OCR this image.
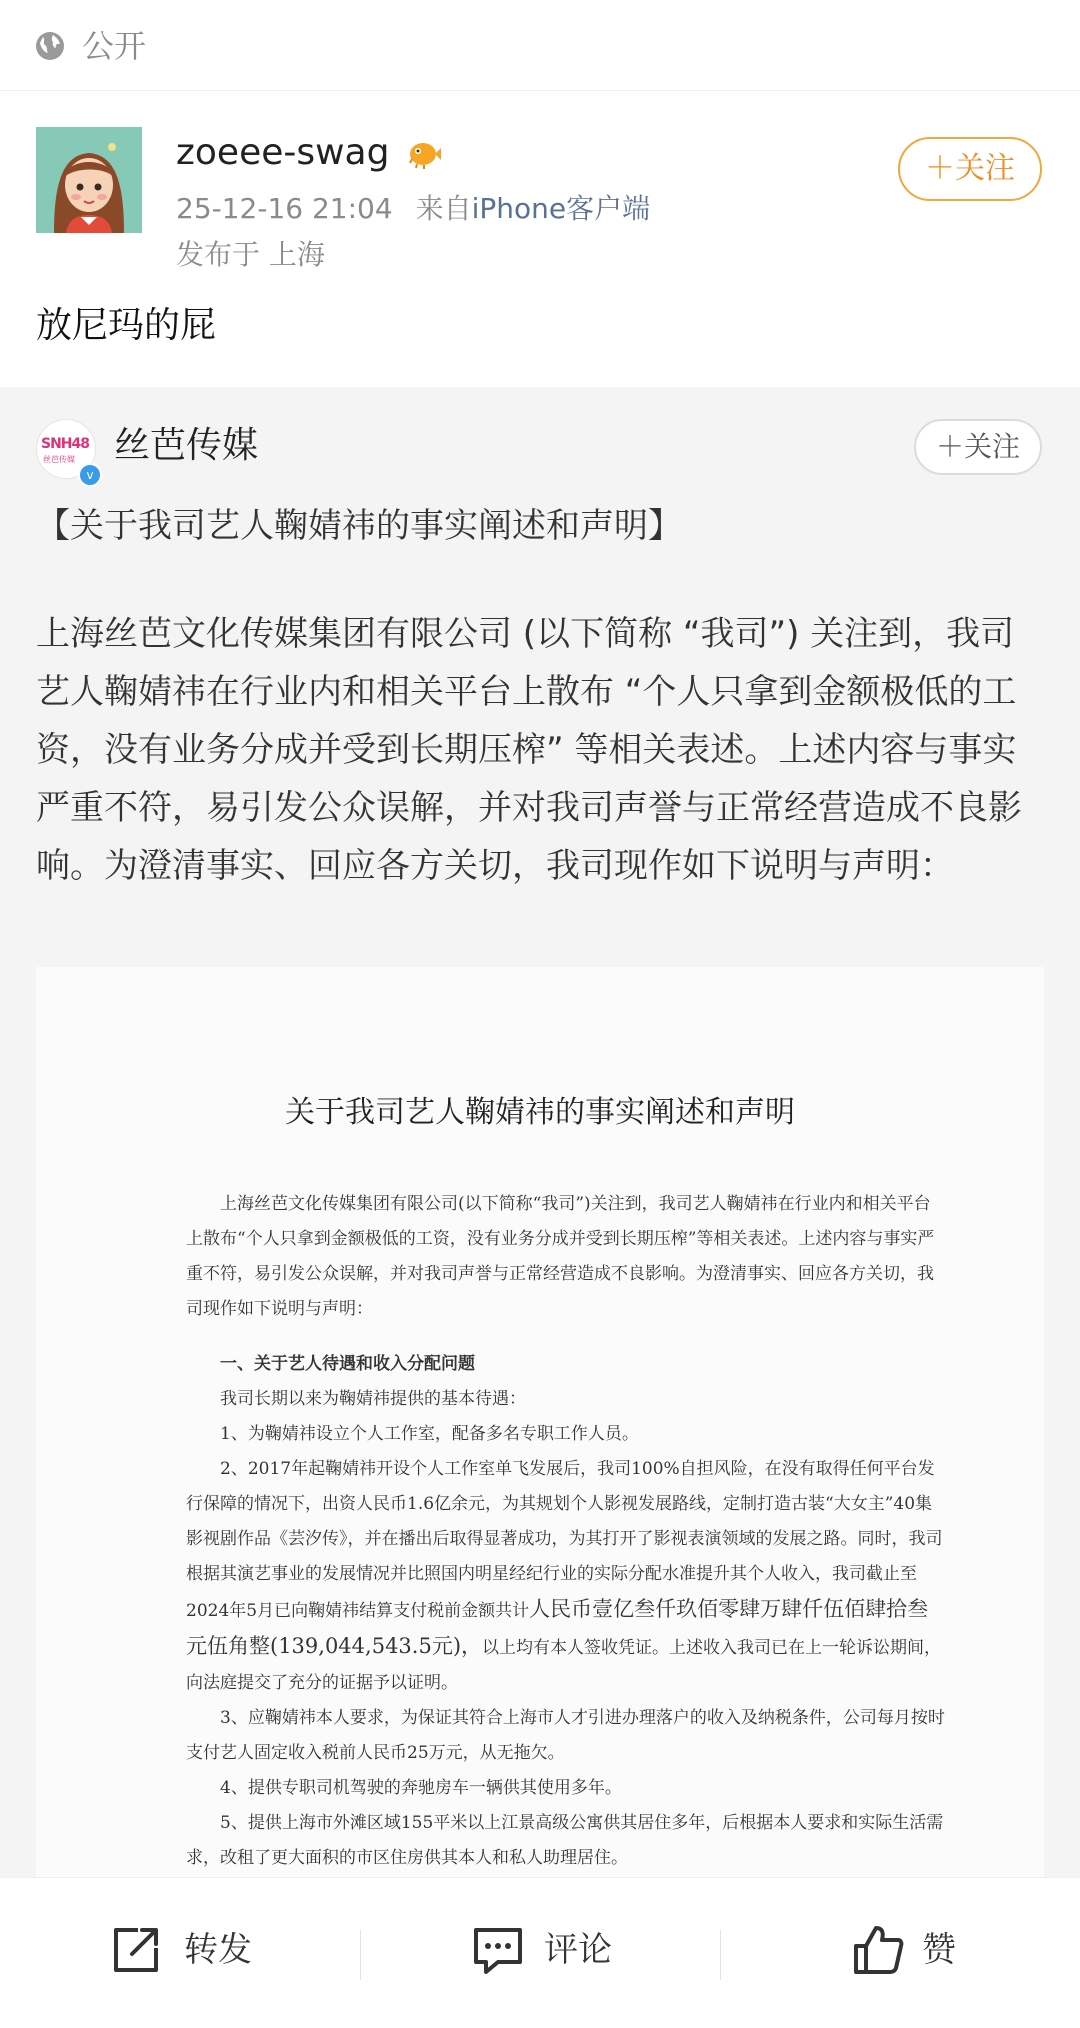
公开
zoeee-swag
25-12-16 21:04 来自iPhone客户端
发布于 上海
＋关注
放尼玛的屁
SNH48
丝芭传媒
v
丝芭传媒	＋关注
【关于我司艺人鞠婧祎的事实阐述和声明】
上海丝芭文化传媒集团有限公司 (以下简称 “我司”) 关注到，我司艺人鞠婧祎在行业内和相关平台上散布 “个人只拿到金额极低的工资，没有业务分成并受到长期压榨” 等相关表述。上述内容与事实严重不符，易引发公众误解，并对我司声誉与正常经营造成不良影响。为澄清事实、回应各方关切，我司现作如下说明与声明：
关于我司艺人鞠婧祎的事实阐述和声明

上海丝芭文化传媒集团有限公司(以下简称“我司”)关注到，我司艺人鞠婧祎在行业内和相关平台上散布“个人只拿到金额极低的工资，没有业务分成并受到长期压榨”等相关表述。上述内容与事实严重不符，易引发公众误解，并对我司声誉与正常经营造成不良影响。为澄清事实、回应各方关切，我司现作如下说明与声明：

一、关于艺人待遇和收入分配问题

我司长期以来为鞠婧祎提供的基本待遇：

1、为鞠婧祎设立个人工作室，配备多名专职工作人员。

2、2017年起鞠婧祎开设个人工作室单飞发展后，我司100%自担风险，在没有取得任何平台发行保障的情况下，出资人民币1.6亿余元，为其规划个人影视发展路线，定制打造古装“大女主”40集影视剧作品《芸汐传》，并在播出后取得显著成功，为其打开了影视表演领域的发展之路。同时，我司根据其演艺事业的发展情况并比照国内明星经纪行业的实际分配水准提升其个人收入，我司截止至2024年5月已向鞠婧祎结算支付税前金额共计人民币壹亿叁仟玖佰零肆万肆仟伍佰肆拾叁元伍角整(139,044,543.5元)，以上均有本人签收凭证。上述收入我司已在上一轮诉讼期间，向法庭提交了充分的证据予以证明。

3、应鞠婧祎本人要求，为保证其符合上海市人才引进办理落户的收入及纳税条件，公司每月按时支付艺人固定收入税前人民币25万元，从无拖欠。

4、提供专职司机驾驶的奔驰房车一辆供其使用多年。

5、提供上海市外滩区域155平米以上江景高级公寓供其居住多年，后根据本人要求和实际生活需求，改租了更大面积的市区住房供其本人和私人助理居住。

转发	评论	赞
